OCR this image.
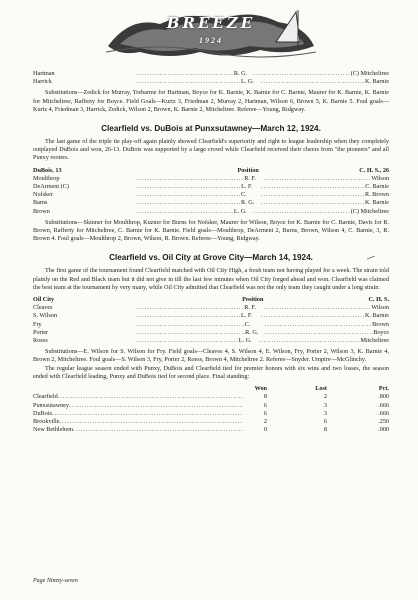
BREEZE
1924
Hartman .....	R. G. .....	(C) Mitcheltree
Harrick .....	L. G. .....	K. Barnie

Substitutions—Zedick for Murray, Trebarme for Hartman, Boyce for K. Barnie, K. Barnie for C. Barnie, Maurer for K. Barnie, K. Barnie for Mitcheltree, Rafferty for Boyce. Field Goals—Kurtz 3, Friedman 2, Murray 2, Hartman, Wilson 6, Brown 5, K. Barnie 5. Foul goals—Kurtz 4, Friedman 3, Harrick, Zedick, Wilson 2, Brown, K. Barnie 2, Mitcheltree. Referee—Young, Ridgway.

Clearfield vs. DuBois at Punxsutawney—March 12, 1924.

The last game of the triple tie play-off again plainly showed Clearfield's superiority and right to league leadership when they completely outplayed DuBois and won, 26-13. DuBois was supported by a large crowd while Clearfield received their cheers from "the pioneers" and all Punxy rooters.

DuBois, 13	Position	C. H. S., 26
Moulthrop .....	R. F. .....	Wilson
DeArment (C) .....	L. F. .....	C. Barnie
Nofsker .....	C. .....	R. Brown
Barns .....	R. G. .....	K. Barnie
Brown .....	L. G. .....	(C) Mitcheltree

Substitutions—Skinner for Moulthrop, Kuzner for Burns for Nofsker, Maurer for Wilson, Boyce for K. Barnie for C. Barnie, Davis for R. Brown, Rafferty for Mitcheltree, C. Barnie for K. Barnie. Field goals—Moulthrop, DeArment 2, Burns, Brown, Wilson 4, C. Barnie, 3, R. Brown 4. Foul goals—Moulthrop 2, Brown, Wilson, R. Brown. Referee—Young, Ridgway.

Clearfield vs. Oil City at Grove City—March 14, 1924.

The first game of the tournament found Clearfield matched with Oil City High, a fresh team not having played for a week. The strain told plainly on the Red and Black team but it did not give in till the last few minutes when Oil City forged ahead and won. Clearfield was claimed the best team at the tournament by very many, while Oil City admitted that Clearfield was not the only team they caught under a long strain.

Oil City	Position	C. H. S.
Cleaves .....	R. F. .....	Wilson
S. Wilson .....	L. F. .....	K. Barnie
Fry .....	C. .....	Brown
Porter .....	R. G. .....	Boyce
Roess .....	L. G. .....	Mitcheltree

Substitutions—E. Wilson for S. Wilson for Fry. Field goals—Cleaves 4, S. Wilson 4, E. Wilson, Fry, Porter 2, Wilson 3, K. Barnie 4, Brown 2, Mitcheltree. Foul goals—S. Wilson 3, Fry, Porter 2, Roess, Brown 4, Mitcheltree 2. Referee—Snyder. Umpire—McGlinchy.

The regular league season ended with Punxy, DuBois and Clearfield tied for premier honors with six wins and two losses, the season ended with Clearfield leading, Punxy and DuBois tied for second place. Final standing:

Won	Lost	Pct.
Clearfield .....	8	2	.800
Punxsutawney .....	6	3	.666
DuBois .....	6	3	.666
Brookville .....	2	6	.250
New Bethlehem .....	0	8	.000
Page Ninety-seven
